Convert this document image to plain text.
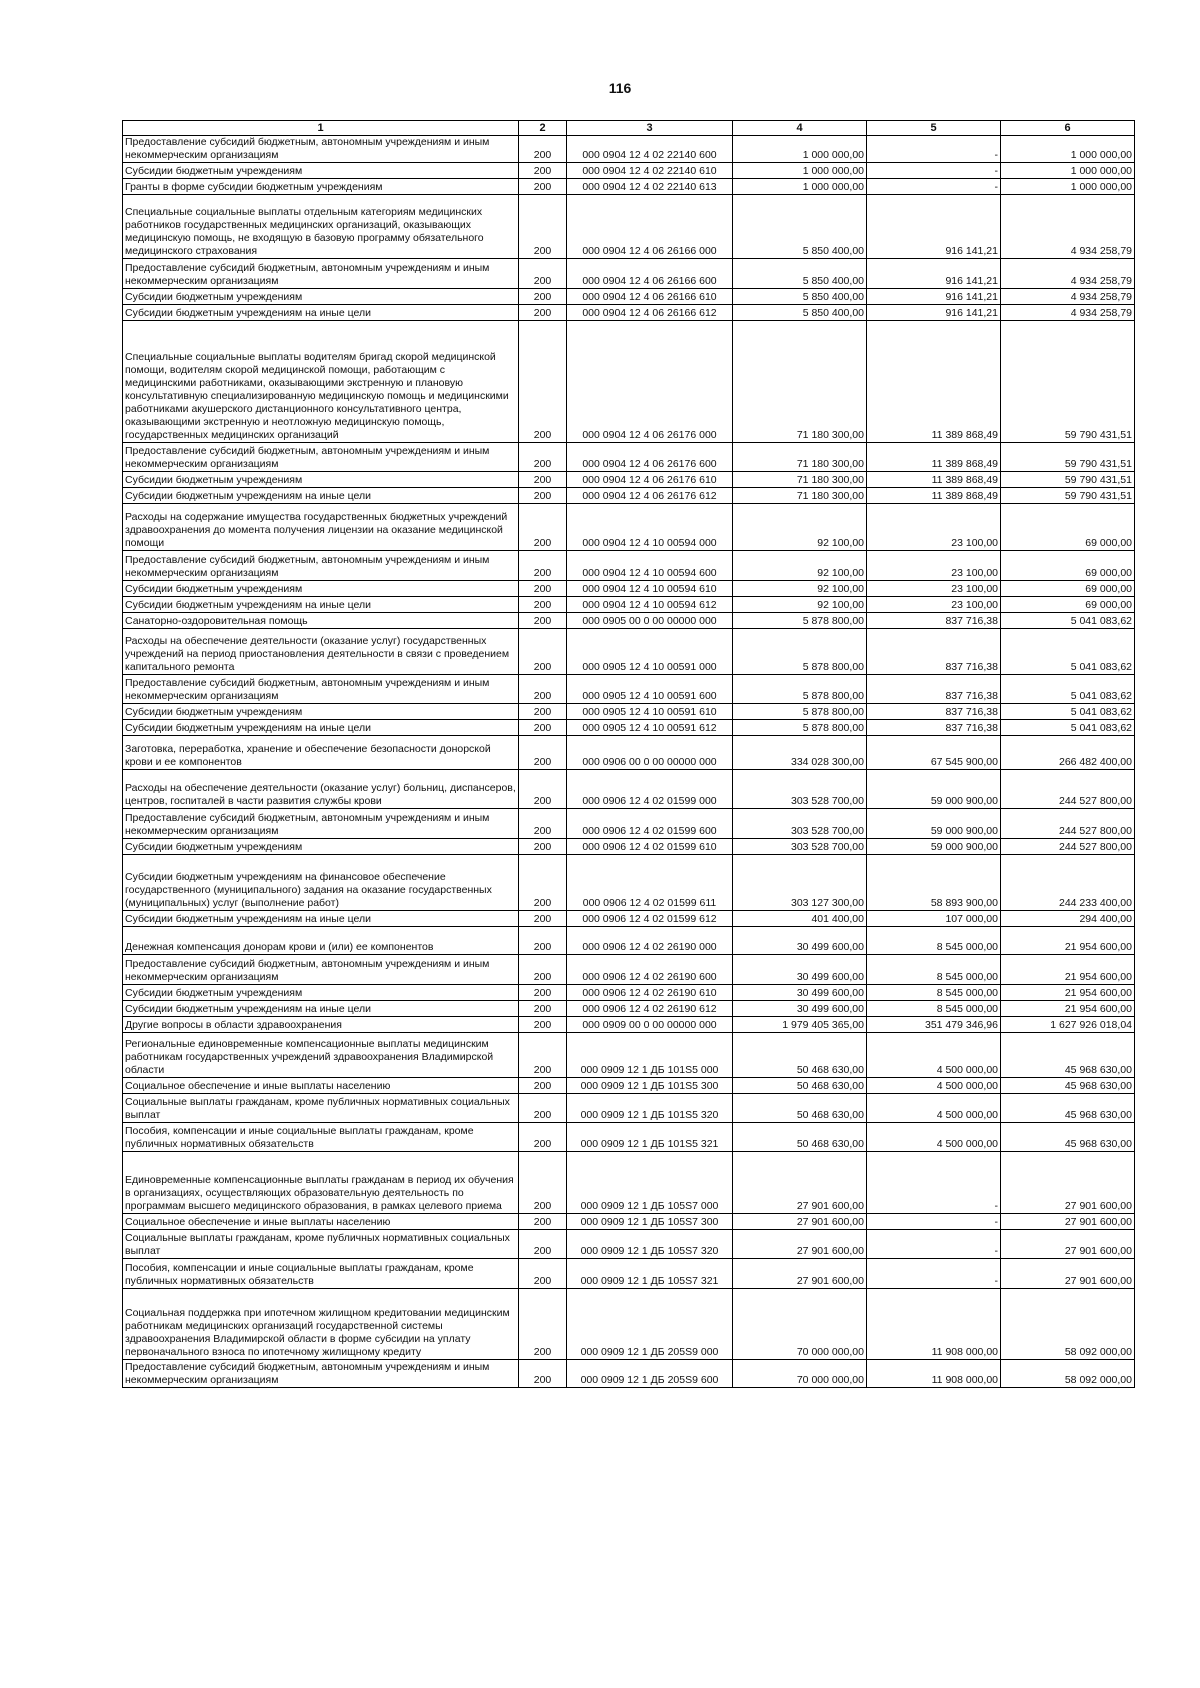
116
1	2	3	4	5	6
Предоставление субсидий бюджетным, автономным учреждениям и иным некоммерческим организациям	200	000 0904 12 4 02 22140 600	1 000 000,00	-	1 000 000,00
Субсидии бюджетным учреждениям	200	000 0904 12 4 02 22140 610	1 000 000,00	-	1 000 000,00
Гранты в форме субсидии бюджетным учреждениям	200	000 0904 12 4 02 22140 613	1 000 000,00	-	1 000 000,00
Специальные социальные выплаты отдельным категориям медицинских работников государственных медицинских организаций, оказывающих медицинскую помощь, не входящую в базовую программу обязательного медицинского страхования	200	000 0904 12 4 06 26166 000	5 850 400,00	916 141,21	4 934 258,79
Предоставление субсидий бюджетным, автономным учреждениям и иным некоммерческим организациям	200	000 0904 12 4 06 26166 600	5 850 400,00	916 141,21	4 934 258,79
Субсидии бюджетным учреждениям	200	000 0904 12 4 06 26166 610	5 850 400,00	916 141,21	4 934 258,79
Субсидии бюджетным учреждениям на иные цели	200	000 0904 12 4 06 26166 612	5 850 400,00	916 141,21	4 934 258,79
Специальные социальные выплаты водителям бригад скорой медицинской помощи, водителям скорой медицинской помощи, работающим с медицинскими работниками, оказывающими экстренную и плановую консультативную специализированную медицинскую помощь и медицинскими работниками акушерского дистанционного консультативного центра, оказывающими экстренную и неотложную медицинскую помощь, государственных медицинских организаций	200	000 0904 12 4 06 26176 000	71 180 300,00	11 389 868,49	59 790 431,51
Предоставление субсидий бюджетным, автономным учреждениям и иным некоммерческим организациям	200	000 0904 12 4 06 26176 600	71 180 300,00	11 389 868,49	59 790 431,51
Субсидии бюджетным учреждениям	200	000 0904 12 4 06 26176 610	71 180 300,00	11 389 868,49	59 790 431,51
Субсидии бюджетным учреждениям на иные цели	200	000 0904 12 4 06 26176 612	71 180 300,00	11 389 868,49	59 790 431,51
Расходы на содержание имущества государственных бюджетных учреждений здравоохранения до момента получения лицензии на оказание медицинской помощи	200	000 0904 12 4 10 00594 000	92 100,00	23 100,00	69 000,00
Предоставление субсидий бюджетным, автономным учреждениям и иным некоммерческим организациям	200	000 0904 12 4 10 00594 600	92 100,00	23 100,00	69 000,00
Субсидии бюджетным учреждениям	200	000 0904 12 4 10 00594 610	92 100,00	23 100,00	69 000,00
Субсидии бюджетным учреждениям на иные цели	200	000 0904 12 4 10 00594 612	92 100,00	23 100,00	69 000,00
Санаторно-оздоровительная помощь	200	000 0905 00 0 00 00000 000	5 878 800,00	837 716,38	5 041 083,62
Расходы на обеспечение деятельности (оказание услуг) государственных учреждений на период приостановления деятельности в связи с проведением капитального ремонта	200	000 0905 12 4 10 00591 000	5 878 800,00	837 716,38	5 041 083,62
Предоставление субсидий бюджетным, автономным учреждениям и иным некоммерческим организациям	200	000 0905 12 4 10 00591 600	5 878 800,00	837 716,38	5 041 083,62
Субсидии бюджетным учреждениям	200	000 0905 12 4 10 00591 610	5 878 800,00	837 716,38	5 041 083,62
Субсидии бюджетным учреждениям на иные цели	200	000 0905 12 4 10 00591 612	5 878 800,00	837 716,38	5 041 083,62
Заготовка, переработка, хранение и обеспечение безопасности донорской крови и ее компонентов	200	000 0906 00 0 00 00000 000	334 028 300,00	67 545 900,00	266 482 400,00
Расходы на обеспечение деятельности (оказание услуг) больниц, диспансеров, центров, госпиталей в части развития службы крови	200	000 0906 12 4 02 01599 000	303 528 700,00	59 000 900,00	244 527 800,00
Предоставление субсидий бюджетным, автономным учреждениям и иным некоммерческим организациям	200	000 0906 12 4 02 01599 600	303 528 700,00	59 000 900,00	244 527 800,00
Субсидии бюджетным учреждениям	200	000 0906 12 4 02 01599 610	303 528 700,00	59 000 900,00	244 527 800,00
Субсидии бюджетным учреждениям на финансовое обеспечение государственного (муниципального) задания на оказание государственных (муниципальных) услуг (выполнение работ)	200	000 0906 12 4 02 01599 611	303 127 300,00	58 893 900,00	244 233 400,00
Субсидии бюджетным учреждениям на иные цели	200	000 0906 12 4 02 01599 612	401 400,00	107 000,00	294 400,00
Денежная компенсация донорам крови и (или) ее компонентов	200	000 0906 12 4 02 26190 000	30 499 600,00	8 545 000,00	21 954 600,00
Предоставление субсидий бюджетным, автономным учреждениям и иным некоммерческим организациям	200	000 0906 12 4 02 26190 600	30 499 600,00	8 545 000,00	21 954 600,00
Субсидии бюджетным учреждениям	200	000 0906 12 4 02 26190 610	30 499 600,00	8 545 000,00	21 954 600,00
Субсидии бюджетным учреждениям на иные цели	200	000 0906 12 4 02 26190 612	30 499 600,00	8 545 000,00	21 954 600,00
Другие вопросы в области здравоохранения	200	000 0909 00 0 00 00000 000	1 979 405 365,00	351 479 346,96	1 627 926 018,04
Региональные единовременные компенсационные выплаты медицинским работникам государственных учреждений здравоохранения Владимирской области	200	000 0909 12 1 ДБ 101S5 000	50 468 630,00	4 500 000,00	45 968 630,00
Социальное обеспечение и иные выплаты населению	200	000 0909 12 1 ДБ 101S5 300	50 468 630,00	4 500 000,00	45 968 630,00
Социальные выплаты гражданам, кроме публичных нормативных социальных выплат	200	000 0909 12 1 ДБ 101S5 320	50 468 630,00	4 500 000,00	45 968 630,00
Пособия, компенсации и иные социальные выплаты гражданам, кроме публичных нормативных обязательств	200	000 0909 12 1 ДБ 101S5 321	50 468 630,00	4 500 000,00	45 968 630,00
Единовременные компенсационные выплаты гражданам в период их обучения в организациях, осуществляющих образовательную деятельность по программам высшего медицинского образования, в рамках целевого приема	200	000 0909 12 1 ДБ 105S7 000	27 901 600,00	-	27 901 600,00
Социальное обеспечение и иные выплаты населению	200	000 0909 12 1 ДБ 105S7 300	27 901 600,00	-	27 901 600,00
Социальные выплаты гражданам, кроме публичных нормативных социальных выплат	200	000 0909 12 1 ДБ 105S7 320	27 901 600,00	-	27 901 600,00
Пособия, компенсации и иные социальные выплаты гражданам, кроме публичных нормативных обязательств	200	000 0909 12 1 ДБ 105S7 321	27 901 600,00	-	27 901 600,00
Социальная поддержка при ипотечном жилищном кредитовании медицинским работникам медицинских организаций государственной системы здравоохранения Владимирской области в форме субсидии на уплату первоначального взноса по ипотечному жилищному кредиту	200	000 0909 12 1 ДБ 205S9 000	70 000 000,00	11 908 000,00	58 092 000,00
Предоставление субсидий бюджетным, автономным учреждениям и иным некоммерческим организациям	200	000 0909 12 1 ДБ 205S9 600	70 000 000,00	11 908 000,00	58 092 000,00
